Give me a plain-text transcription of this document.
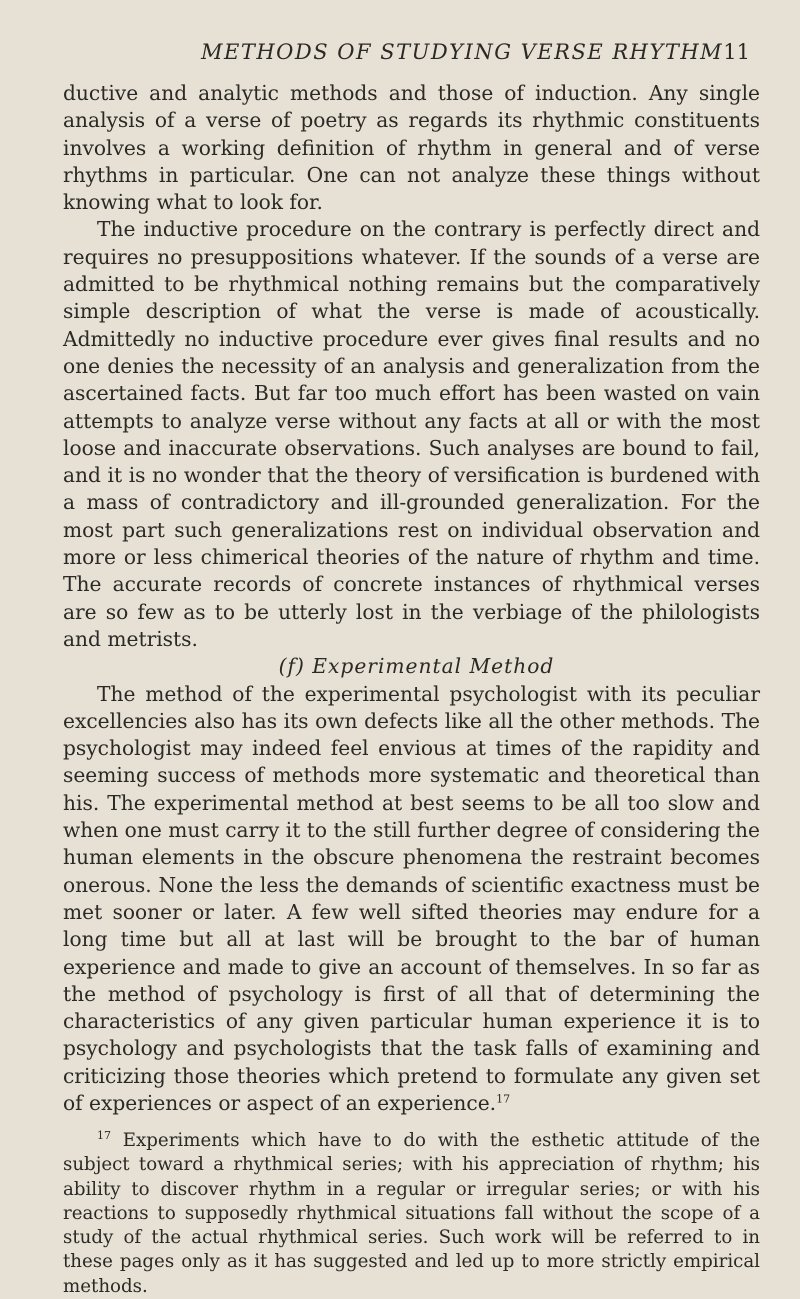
METHODS OF STUDYING VERSE RHYTHM 11

ductive and analytic methods and those of induction. Any single analysis of a verse of poetry as regards its rhythmic constituents involves a working definition of rhythm in general and of verse rhythms in particular. One can not analyze these things without knowing what to look for.

The inductive procedure on the contrary is perfectly direct and requires no presuppositions whatever. If the sounds of a verse are admitted to be rhythmical nothing remains but the comparatively simple description of what the verse is made of acoustically. Admittedly no inductive procedure ever gives final results and no one denies the necessity of an analysis and generalization from the ascertained facts. But far too much effort has been wasted on vain attempts to analyze verse without any facts at all or with the most loose and inaccurate observations. Such analyses are bound to fail, and it is no wonder that the theory of versification is burdened with a mass of contradictory and ill-grounded generalization. For the most part such generalizations rest on individual observation and more or less chimerical theories of the nature of rhythm and time. The accurate records of concrete instances of rhythmical verses are so few as to be utterly lost in the verbiage of the philologists and metrists.

(f) Experimental Method

The method of the experimental psychologist with its peculiar excellencies also has its own defects like all the other methods. The psychologist may indeed feel envious at times of the rapidity and seeming success of methods more systematic and theoretical than his. The experimental method at best seems to be all too slow and when one must carry it to the still further degree of considering the human elements in the obscure phenomena the restraint becomes onerous. None the less the demands of scientific exactness must be met sooner or later. A few well sifted theories may endure for a long time but all at last will be brought to the bar of human experience and made to give an account of themselves. In so far as the method of psychology is first of all that of determining the characteristics of any given particular human experience it is to psychology and psychologists that the task falls of examining and criticizing those theories which pretend to formulate any given set of experiences or aspect of an experience.$^{17}$

$^{17}$ Experiments which have to do with the esthetic attitude of the subject toward a rhythmical series; with his appreciation of rhythm; his ability to discover rhythm in a regular or irregular series; or with his reactions to supposedly rhythmical situations fall without the scope of a study of the actual rhythmical series. Such work will be referred to in these pages only as it has suggested and led up to more strictly empirical methods.
